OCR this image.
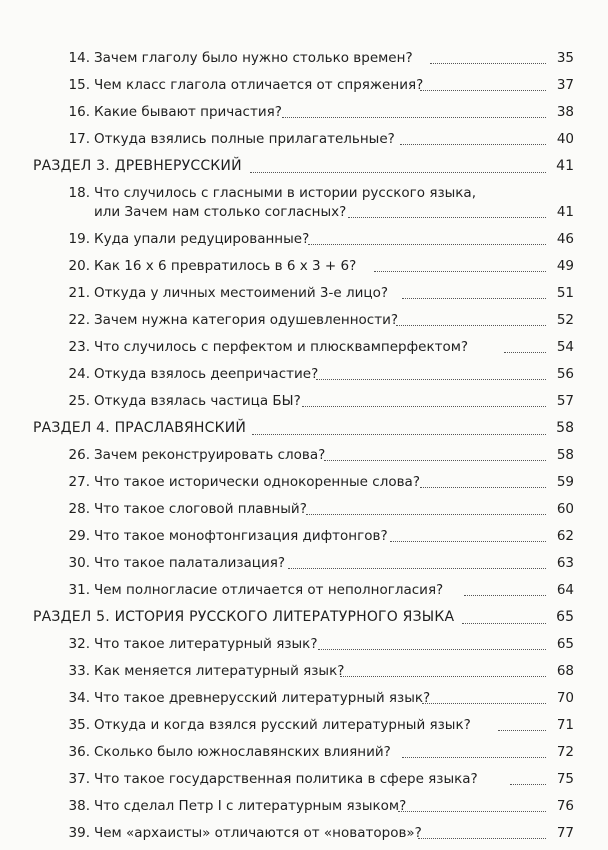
14. Зачем глаголу было нужно столько времен?	35
15. Чем класс глагола отличается от спряжения?	37
16. Какие бывают причастия?	38
17. Откуда взялись полные прилагательные?	40
РАЗДЕЛ 3. ДРЕВНЕРУССКИЙ	41
18. Что случилось с гласными в истории русского языка,
или Зачем нам столько согласных?	41
19. Куда упали редуцированные?	46
20. Как 16 х 6 превратилось в 6 х 3 + 6?	49
21. Откуда у личных местоимений 3-е лицо?	51
22. Зачем нужна категория одушевленности?	52
23. Что случилось с перфектом и плюсквамперфектом?	54
24. Откуда взялось деепричастие?	56
25. Откуда взялась частица БЫ?	57
РАЗДЕЛ 4. ПРАСЛАВЯНСКИЙ	58
26. Зачем реконструировать слова?	58
27. Что такое исторически однокоренные слова?	59
28. Что такое слоговой плавный?	60
29. Что такое монофтонгизация дифтонгов?	62
30. Что такое палатализация?	63
31. Чем полногласие отличается от неполногласия?	64
РАЗДЕЛ 5. ИСТОРИЯ РУССКОГО ЛИТЕРАТУРНОГО ЯЗЫКА	65
32. Что такое литературный язык?	65
33. Как меняется литературный язык?	68
34. Что такое древнерусский литературный язык?	70
35. Откуда и когда взялся русский литературный язык?	71
36. Сколько было южнославянских влияний?	72
37. Что такое государственная политика в сфере языка?	75
38. Что сделал Петр I с литературным языком?	76
39. Чем «архаисты» отличаются от «новаторов»?	77
